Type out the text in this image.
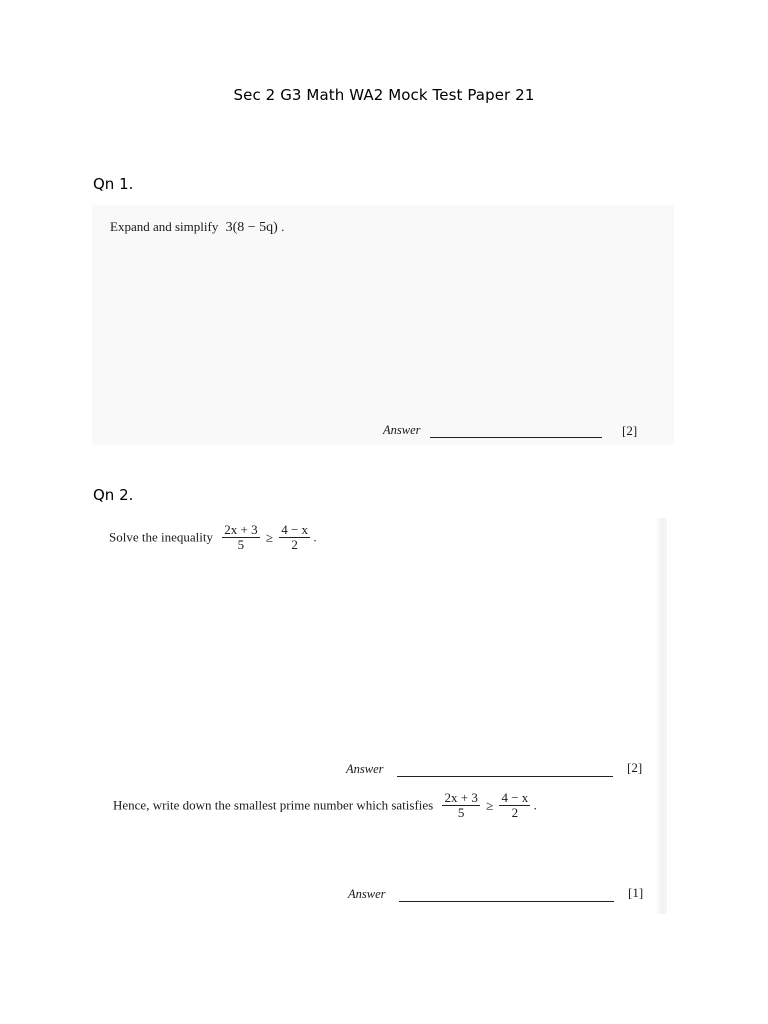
Sec 2 G3 Math WA2 Mock Test Paper 21
Qn 1.
Expand and simplify 3(8 − 5q) .
Answer	[2]
Qn 2.
Solve the inequality $\frac{2x + 3}{5} \ge \frac{4 - x}{2}$ .
Answer	[2]
Hence, write down the smallest prime number which satisfies $\frac{2x + 3}{5} \ge \frac{4 - x}{2}$ .
Answer	[1]
